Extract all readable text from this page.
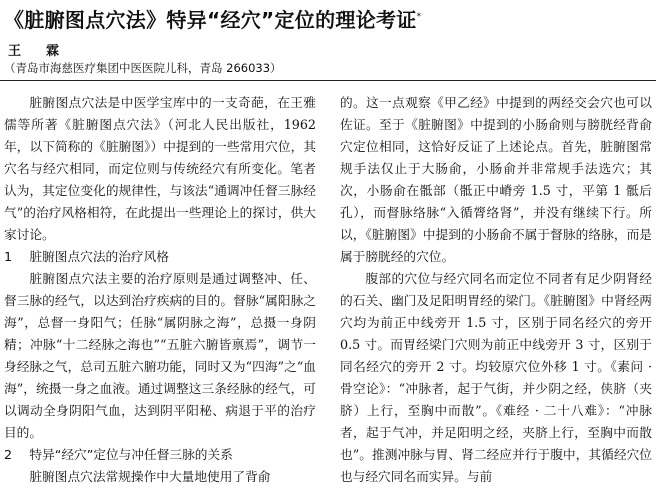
《脏腑图点穴法》特异“经穴”定位的理论考证*
王　霖
（青岛市海慈医疗集团中医医院儿科，青岛 266033）

脏腑图点穴法是中医学宝库中的一支奇葩，在王雅儒等所著《脏腑图点穴法》（河北人民出版社，1962 年，以下简称的《脏腑图》）中提到的一些常用穴位，其穴名与经穴相同，而定位则与传统经穴有所变化。笔者认为，其定位变化的规律性，与该法“通调冲任督三脉经气”的治疗风格相符，在此提出一些理论上的探讨，供大家讨论。

1 脏腑图点穴法的治疗风格

脏腑图点穴法主要的治疗原则是通过调整冲、任、督三脉的经气，以达到治疗疾病的目的。督脉“属阳脉之海”，总督一身阳气；任脉“属阴脉之海”，总摄一身阴精；冲脉“十二经脉之海也”“五脏六腑皆禀焉”，调节一身经脉之气，总司五脏六腑功能，同时又为“四海”之“血海”，统摄一身之血液。通过调整这三条经脉的经气，可以调动全身阴阳气血，达到阴平阳秘、病退于平的治疗目的。

2 特异“经穴”定位与冲任督三脉的关系

脏腑图点穴法常规操作中大量地使用了背俞

的。这一点观察《甲乙经》中提到的两经交会穴也可以佐证。至于《脏腑图》中提到的小肠俞则与膀胱经背俞穴定位相同，这恰好反证了上述论点。首先，脏腑图常规手法仅止于大肠俞，小肠俞并非常规手法选穴；其次，小肠俞在骶部（骶正中嵴旁 1.5 寸，平第 1 骶后孔），而督脉络脉“入循膂络肾”，并没有继续下行。所以，《脏腑图》中提到的小肠俞不属于督脉的络脉，而是属于膀胱经的穴位。

腹部的穴位与经穴同名而定位不同者有足少阴肾经的石关、幽门及足阳明胃经的梁门。《脏腑图》中肾经两穴均为前正中线旁开 1.5 寸，区别于同名经穴的旁开 0.5 寸。而胃经梁门穴则为前正中线旁开 3 寸，区别于同名经穴的旁开 2 寸。均较原穴位外移 1 寸。《素问 · 骨空论》：“冲脉者，起于气街，并少阴之经，侠脐（夹脐）上行，至胸中而散”。《难经 · 二十八难》：“冲脉者，起于气冲，并足阳明之经，夹脐上行，至胸中而散也”。推测冲脉与胃、肾二经应并行于腹中，其循经穴位也与经穴同名而实异。与前
